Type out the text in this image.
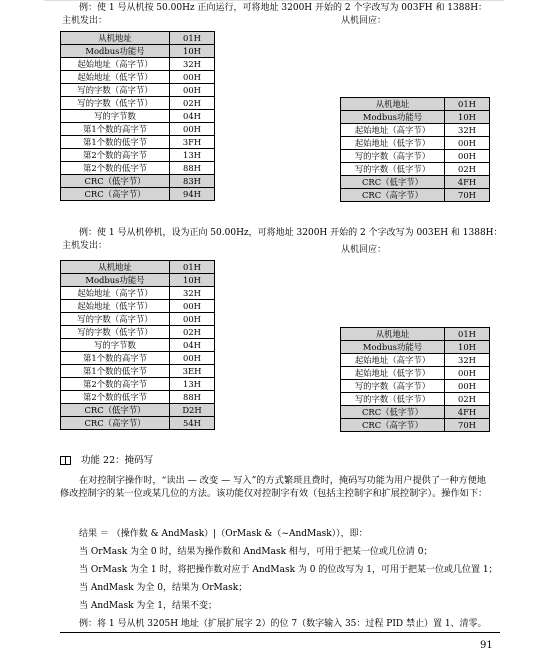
例：使 1 号从机按 50.00Hz 正向运行，可将地址 3200H 开始的 2 个字改写为 003FH 和 1388H：
主机发出：	从机回应：
从机地址	01H
Modbus功能号	10H
起始地址（高字节）	32H
起始地址（低字节）	00H
写的字数（高字节）	00H
写的字数（低字节）	02H
写的字节数	04H
第1个数的高字节	00H
第1个数的低字节	3FH
第2个数的高字节	13H
第2个数的低字节	88H
CRC（低字节）	83H
CRC（高字节）	94H
从机地址	01H
Modbus功能号	10H
起始地址（高字节）	32H
起始地址（低字节）	00H
写的字数（高字节）	00H
写的字数（低字节）	02H
CRC（低字节）	4FH
CRC（高字节）	70H
例：使 1 号从机停机，设为正向 50.00Hz，可将地址 3200H 开始的 2 个字改写为 003EH 和 1388H：
主机发出：	从机回应：
从机地址	01H
Modbus功能号	10H
起始地址（高字节）	32H
起始地址（低字节）	00H
写的字数（高字节）	00H
写的字数（低字节）	02H
写的字节数	04H
第1个数的高字节	00H
第1个数的低字节	3EH
第2个数的高字节	13H
第2个数的低字节	88H
CRC（低字节）	D2H
CRC（高字节）	54H
从机地址	01H
Modbus功能号	10H
起始地址（高字节）	32H
起始地址（低字节）	00H
写的字数（高字节）	00H
写的字数（低字节）	02H
CRC（低字节）	4FH
CRC（高字节）	70H
功能 22：掩码写
在对控制字操作时，“读出 — 改变 — 写入”的方式繁琐且费时，掩码写功能为用户提供了一种方便地修改控制字的某一位或某几位的方法。该功能仅对控制字有效（包括主控制字和扩展控制字）。操作如下：
结果 ＝ （操作数 & AndMask）|（OrMask &（~AndMask）），即：
当 OrMask 为全 0 时，结果为操作数和 AndMask 相与，可用于把某一位或几位清 0；
当 OrMask 为全 1 时，将把操作数对应于 AndMask 为 0 的位改写为 1，可用于把某一位或几位置 1；
当 AndMask 为全 0，结果为 OrMask；
当 AndMask 为全 1，结果不变；
例：将 1 号从机 3205H 地址（扩展扩展字 2）的位 7（数字输入 35：过程 PID 禁止）置 1、清零。
91
